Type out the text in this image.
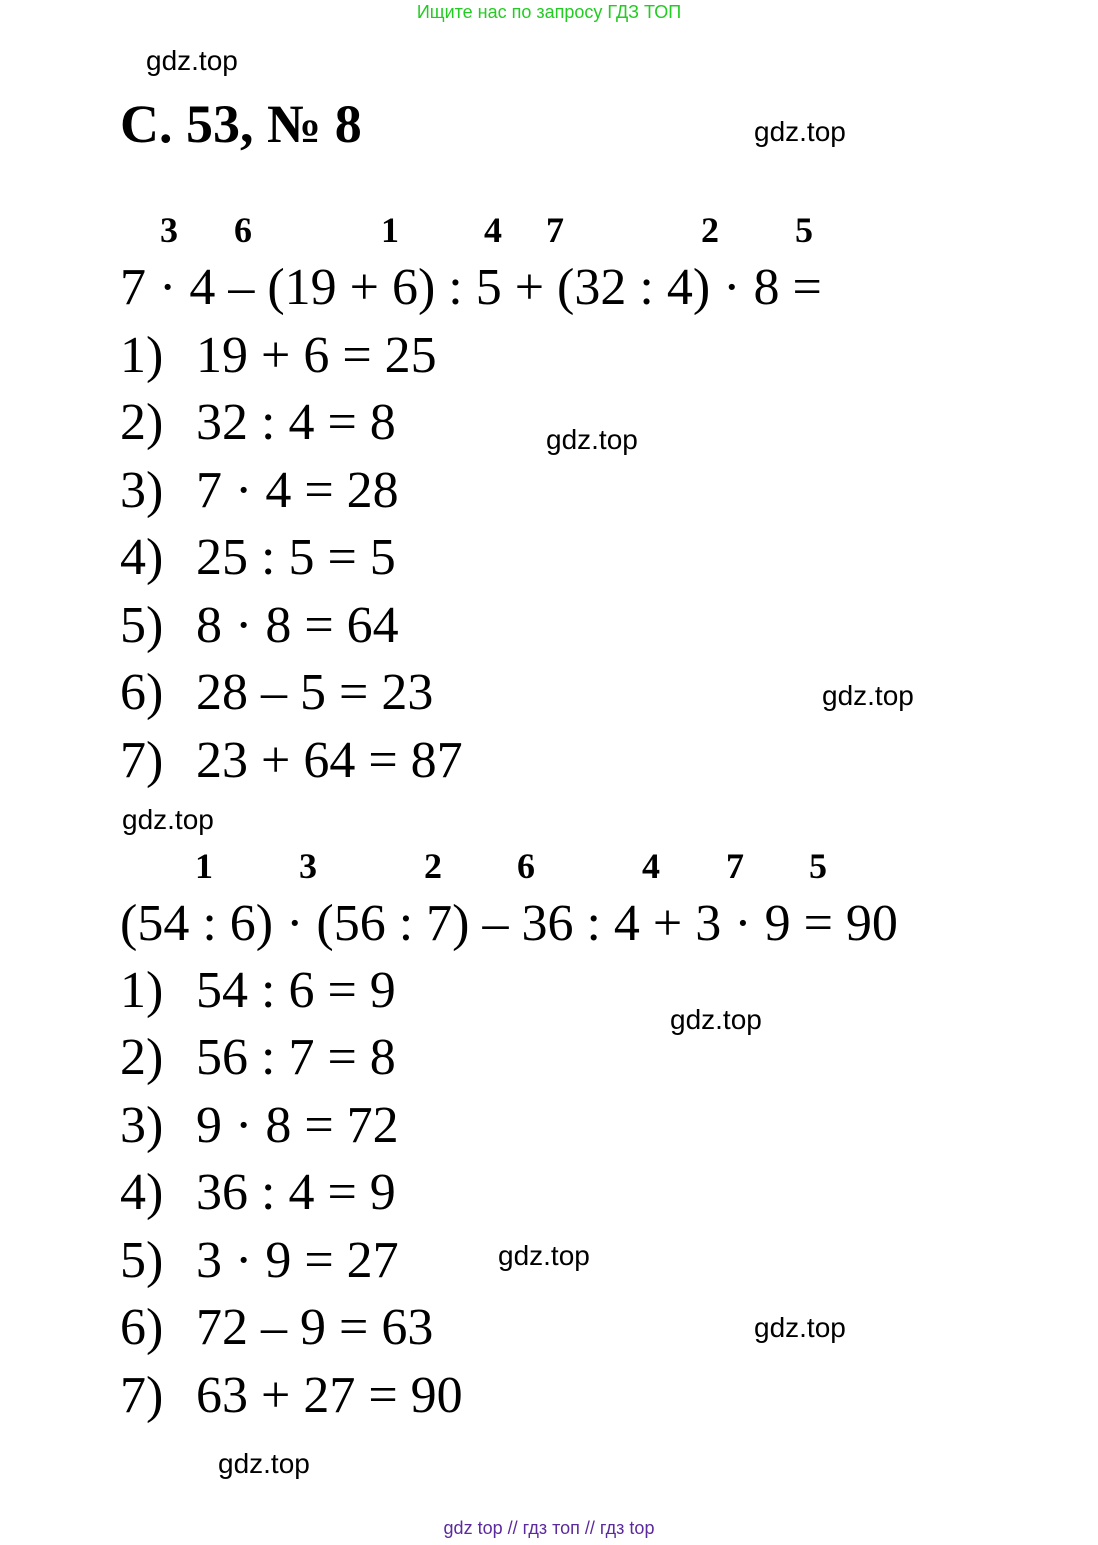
Ищите нас по запросу ГДЗ ТОП
gdz.top
gdz.top
gdz.top
gdz.top
gdz.top
gdz.top
gdz.top
gdz.top
gdz.top
С. 53, № 8
3 6	1 4 7	2 5
7 · 4 – (19 + 6) : 5 + (32 : 4) · 8 =
1) 19 + 6 = 25
2) 32 : 4 = 8
3) 7 · 4 = 28
4) 25 : 5 = 5
5) 8 · 8 = 64
6) 28 – 5 = 23
7) 23 + 64 = 87
1 3	2 6	4 7 5
(54 : 6) · (56 : 7) – 36 : 4 + 3 · 9 = 90
1) 54 : 6 = 9
2) 56 : 7 = 8
3) 9 · 8 = 72
4) 36 : 4 = 9
5) 3 · 9 = 27
6) 72 – 9 = 63
7) 63 + 27 = 90
gdz top // гдз топ // гдз top
